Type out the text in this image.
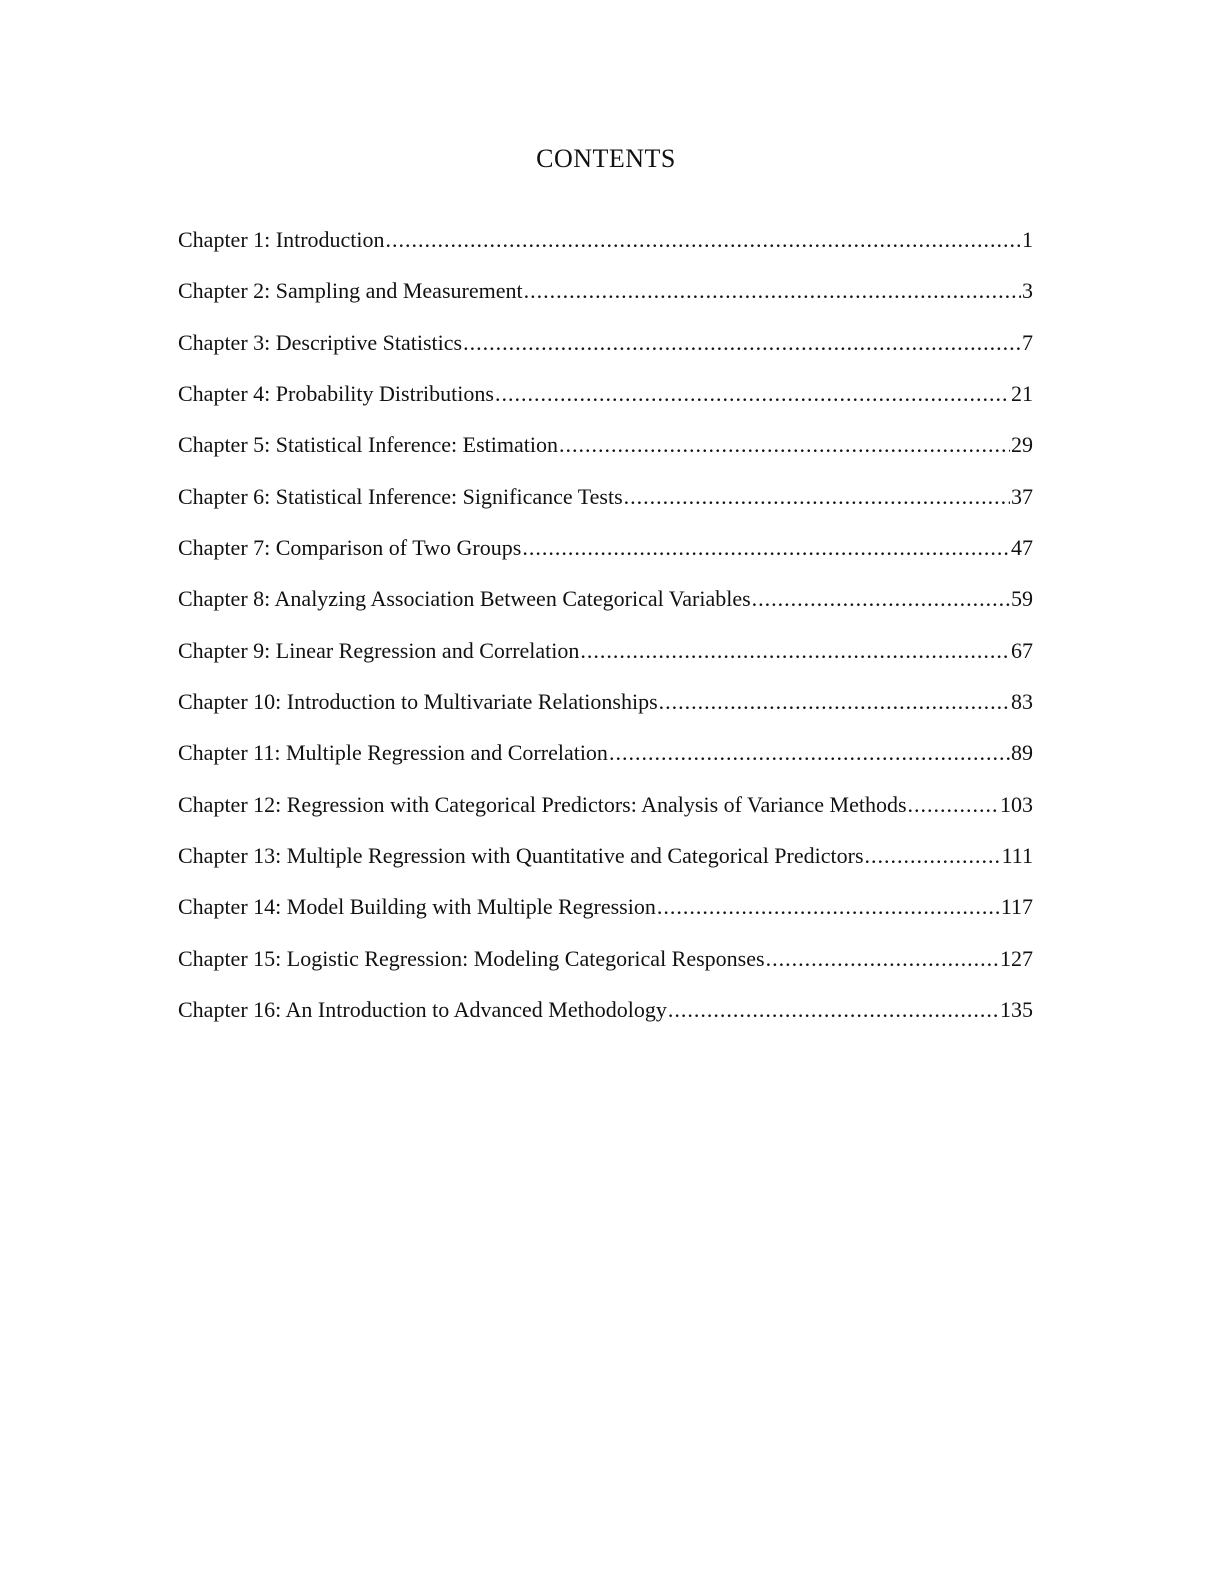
CONTENTS
Chapter 1: Introduction .....	1
Chapter 2: Sampling and Measurement .....	3
Chapter 3: Descriptive Statistics .....	7
Chapter 4: Probability Distributions .....	21
Chapter 5: Statistical Inference: Estimation .....	29
Chapter 6: Statistical Inference: Significance Tests .....	37
Chapter 7: Comparison of Two Groups .....	47
Chapter 8: Analyzing Association Between Categorical Variables .....	59
Chapter 9: Linear Regression and Correlation .....	67
Chapter 10: Introduction to Multivariate Relationships .....	83
Chapter 11: Multiple Regression and Correlation .....	89
Chapter 12: Regression with Categorical Predictors: Analysis of Variance Methods .....	103
Chapter 13: Multiple Regression with Quantitative and Categorical Predictors .....	111
Chapter 14: Model Building with Multiple Regression .....	117
Chapter 15: Logistic Regression: Modeling Categorical Responses .....	127
Chapter 16: An Introduction to Advanced Methodology .....	135
